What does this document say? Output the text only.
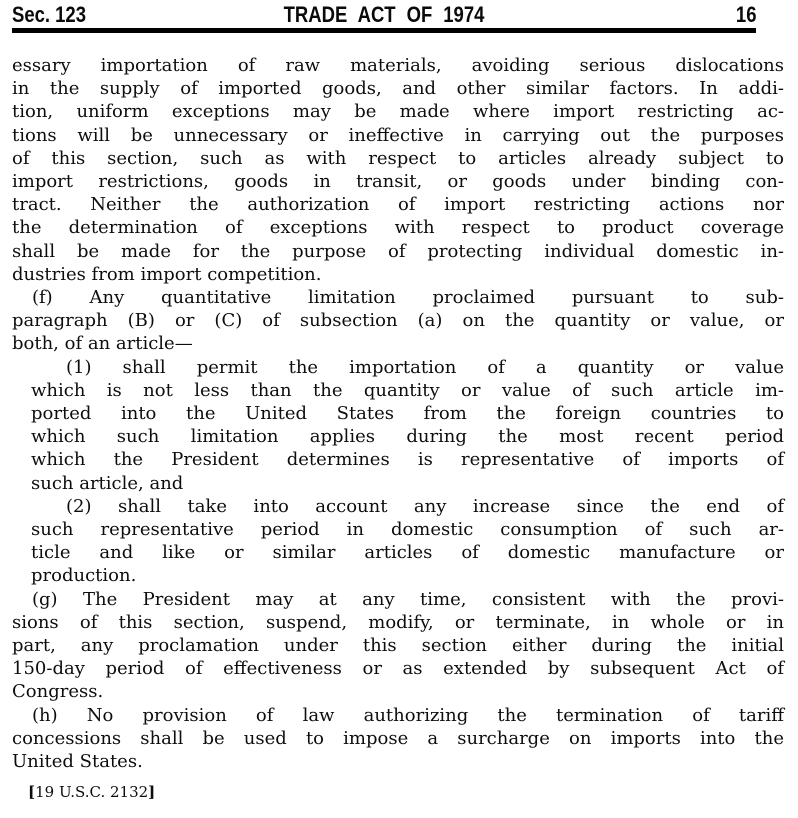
Sec. 123	TRADE ACT OF 1974	16
essary importation of raw materials, avoiding serious dislocations
in the supply of imported goods, and other similar factors. In addi-
tion, uniform exceptions may be made where import restricting ac-
tions will be unnecessary or ineffective in carrying out the purposes
of this section, such as with respect to articles already subject to
import restrictions, goods in transit, or goods under binding con-
tract. Neither the authorization of import restricting actions nor
the determination of exceptions with respect to product coverage
shall be made for the purpose of protecting individual domestic in-
dustries from import competition.
(f) Any quantitative limitation proclaimed pursuant to sub-
paragraph (B) or (C) of subsection (a) on the quantity or value, or
both, of an article—
(1) shall permit the importation of a quantity or value
which is not less than the quantity or value of such article im-
ported into the United States from the foreign countries to
which such limitation applies during the most recent period
which the President determines is representative of imports of
such article, and
(2) shall take into account any increase since the end of
such representative period in domestic consumption of such ar-
ticle and like or similar articles of domestic manufacture or
production.
(g) The President may at any time, consistent with the provi-
sions of this section, suspend, modify, or terminate, in whole or in
part, any proclamation under this section either during the initial
150-day period of effectiveness or as extended by subsequent Act of
Congress.
(h) No provision of law authorizing the termination of tariff
concessions shall be used to impose a surcharge on imports into the
United States.
[19 U.S.C. 2132]
